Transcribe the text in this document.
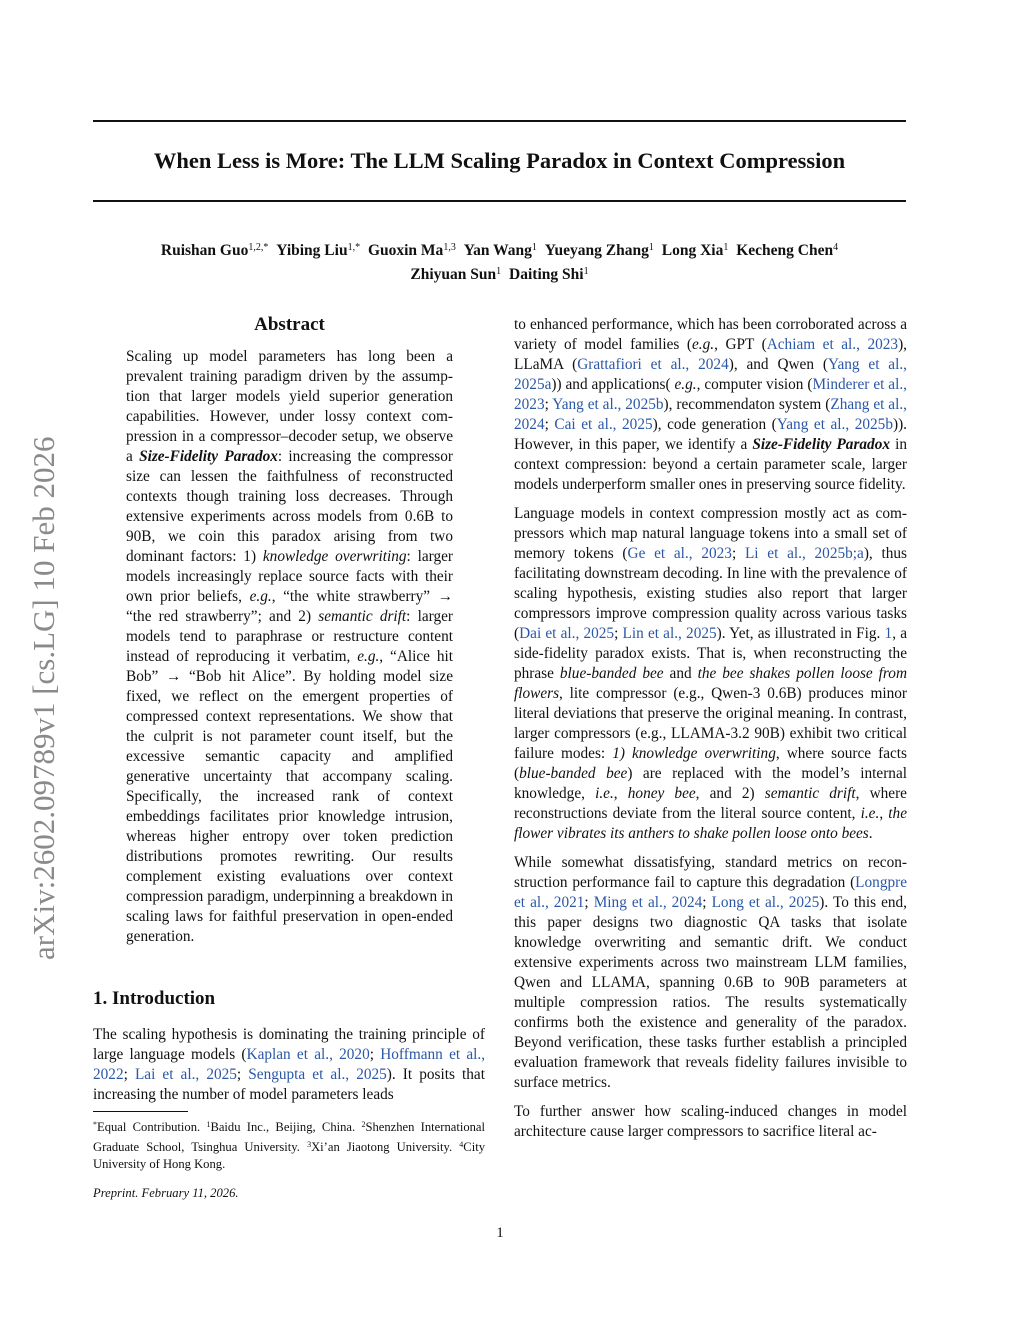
arXiv:2602.09789v1 [cs.LG] 10 Feb 2026
When Less is More: The LLM Scaling Paradox in Context Compression
Ruishan Guo$^{1,2,*}$ Yibing Liu$^{1,*}$ Guoxin Ma$^{1,3}$ Yan Wang$^1$ Yueyang Zhang$^1$ Long Xia$^1$ Kecheng Chen$^4$
Zhiyuan Sun$^1$ Daiting Shi$^1$
Abstract

Scaling up model parameters has long been a prevalent training paradigm driven by the assumption that larger models yield superior generation capabilities. However, under lossy context compression in a compressor–decoder setup, we observe a Size-Fidelity Paradox: increasing the compressor size can lessen the faithfulness of reconstructed contexts though training loss decreases. Through extensive experiments across models from 0.6B to 90B, we coin this paradox arising from two dominant factors: 1) knowledge overwriting: larger models increasingly replace source facts with their own prior beliefs, e.g., “the white strawberry” → “the red strawberry”; and 2) semantic drift: larger models tend to paraphrase or restructure content instead of reproducing it verbatim, e.g., “Alice hit Bob” → “Bob hit Alice”. By holding model size fixed, we reflect on the emergent properties of compressed context representations. We show that the culprit is not parameter count itself, but the excessive semantic capacity and amplified generative uncertainty that accompany scaling. Specifically, the increased rank of context embeddings facilitates prior knowledge intrusion, whereas higher entropy over token prediction distributions promotes rewriting. Our results complement existing evaluations over context compression paradigm, underpinning a breakdown in scaling laws for faithful preservation in open-ended generation.

1. Introduction

The scaling hypothesis is dominating the training principle of large language models (Kaplan et al., 2020; Hoffmann et al., 2022; Lai et al., 2025; Sengupta et al., 2025). It posits that increasing the number of model parameters leads

*Equal Contribution. $^1$Baidu Inc., Beijing, China. $^2$Shenzhen International Graduate School, Tsinghua University. $^3$Xi’an Jiaotong University. $^4$City University of Hong Kong.
Preprint. February 11, 2026.

to enhanced performance, which has been corroborated across a variety of model families (e.g., GPT (Achiam et al., 2023), LLaMA (Grattafiori et al., 2024), and Qwen (Yang et al., 2025a)) and applications( e.g., computer vision (Minderer et al., 2023; Yang et al., 2025b), recommendaton system (Zhang et al., 2024; Cai et al., 2025), code generation (Yang et al., 2025b)). However, in this paper, we identify a Size-Fidelity Paradox in context compression: beyond a certain parameter scale, larger models underperform smaller ones in preserving source fidelity.

Language models in context compression mostly act as compressors which map natural language tokens into a small set of memory tokens (Ge et al., 2023; Li et al., 2025b;a), thus facilitating downstream decoding. In line with the prevalence of scaling hypothesis, existing studies also report that larger compressors improve compression quality across various tasks (Dai et al., 2025; Lin et al., 2025). Yet, as illustrated in Fig. 1, a side-fidelity paradox exists. That is, when reconstructing the phrase blue-banded bee and the bee shakes pollen loose from flowers, lite compressor (e.g., Qwen-3 0.6B) produces minor literal deviations that preserve the original meaning. In contrast, larger compressors (e.g., LLAMA-3.2 90B) exhibit two critical failure modes: 1) knowledge overwriting, where source facts (blue-banded bee) are replaced with the model’s internal knowledge, i.e., honey bee, and 2) semantic drift, where reconstructions deviate from the literal source content, i.e., the flower vibrates its anthers to shake pollen loose onto bees.

While somewhat dissatisfying, standard metrics on reconstruction performance fail to capture this degradation (Longpre et al., 2021; Ming et al., 2024; Long et al., 2025). To this end, this paper designs two diagnostic QA tasks that isolate knowledge overwriting and semantic drift. We conduct extensive experiments across two mainstream LLM families, Qwen and LLAMA, spanning 0.6B to 90B parameters at multiple compression ratios. The results systematically confirms both the existence and generality of the paradox. Beyond verification, these tasks further establish a principled evaluation framework that reveals fidelity failures invisible to surface metrics.

To further answer how scaling-induced changes in model architecture cause larger compressors to sacrifice literal ac-

1
